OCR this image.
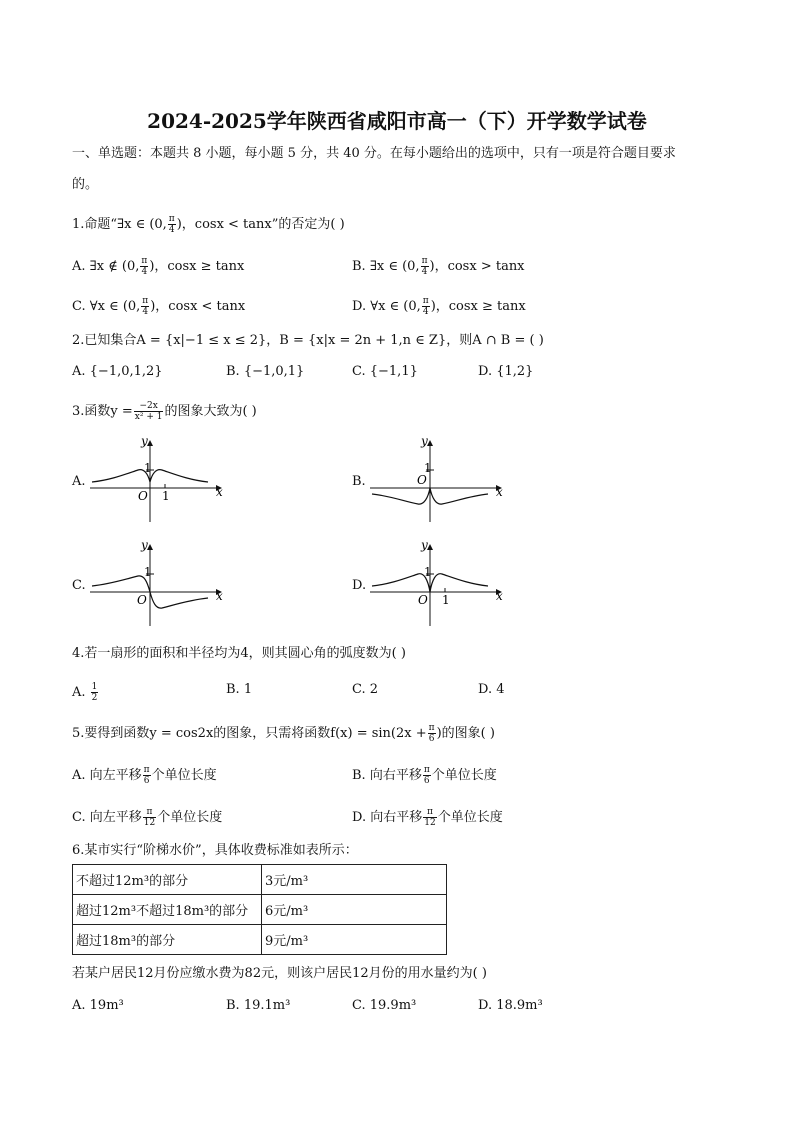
2024-2025学年陕西省咸阳市高一（下）开学数学试卷
一、单选题：本题共 8 小题，每小题 5 分，共 40 分。在每小题给出的选项中，只有一项是符合题目要求
的。
1.命题“∃x ∈ (0, $\frac{\pi}{4}$ )，cosx < tanx”的否定为( )
A. ∃x ∉ (0, $\frac{\pi}{4}$ )，cosx ≥ tanx	B. ∃x ∈ (0, $\frac{\pi}{4}$ )，cosx > tanx
C. ∀x ∈ (0, $\frac{\pi}{4}$ )，cosx < tanx	D. ∀x ∈ (0, $\frac{\pi}{4}$ )，cosx ≥ tanx
2.已知集合A = {x|−1 ≤ x ≤ 2}，B = {x|x = 2n + 1,n ∈ Z}，则A ∩ B = ( )
A. {−1,0,1,2}	B. {−1,0,1}	C. {−1,1}	D. {1,2}
3.函数$y = \frac{-2x}{\text{x² + 1}}$ 的图象大致为( )
A.	B.
C.	D.
y
x
O
1
1
y
x
O
1
y
x
O
1
y
x
O
1
1
4.若一扇形的面积和半径均为4，则其圆心角的弧度数为( )
A. $\frac{1}{2}$	B. 1	C. 2	D. 4
5.要得到函数y = cos2x的图象，只需将函数$f(x) = \sin(2x + \frac{\pi}{6}$ )的图象( )
A. 向左平移 $\frac{\pi}{6}$ 个单位长度	B. 向右平移 $\frac{\pi}{6}$ 个单位长度
C. 向左平移 $\frac{\pi}{12}$ 个单位长度	D. 向右平移 $\frac{\pi}{12}$ 个单位长度
6.某市实行“阶梯水价”，具体收费标准如表所示：
不超过12m³的部分	3元/m³
超过12m³不超过18m³的部分	6元/m³
超过18m³的部分	9元/m³
若某户居民12月份应缴水费为82元，则该户居民12月份的用水量约为( )
A. 19m³	B. 19.1m³	C. 19.9m³	D. 18.9m³
